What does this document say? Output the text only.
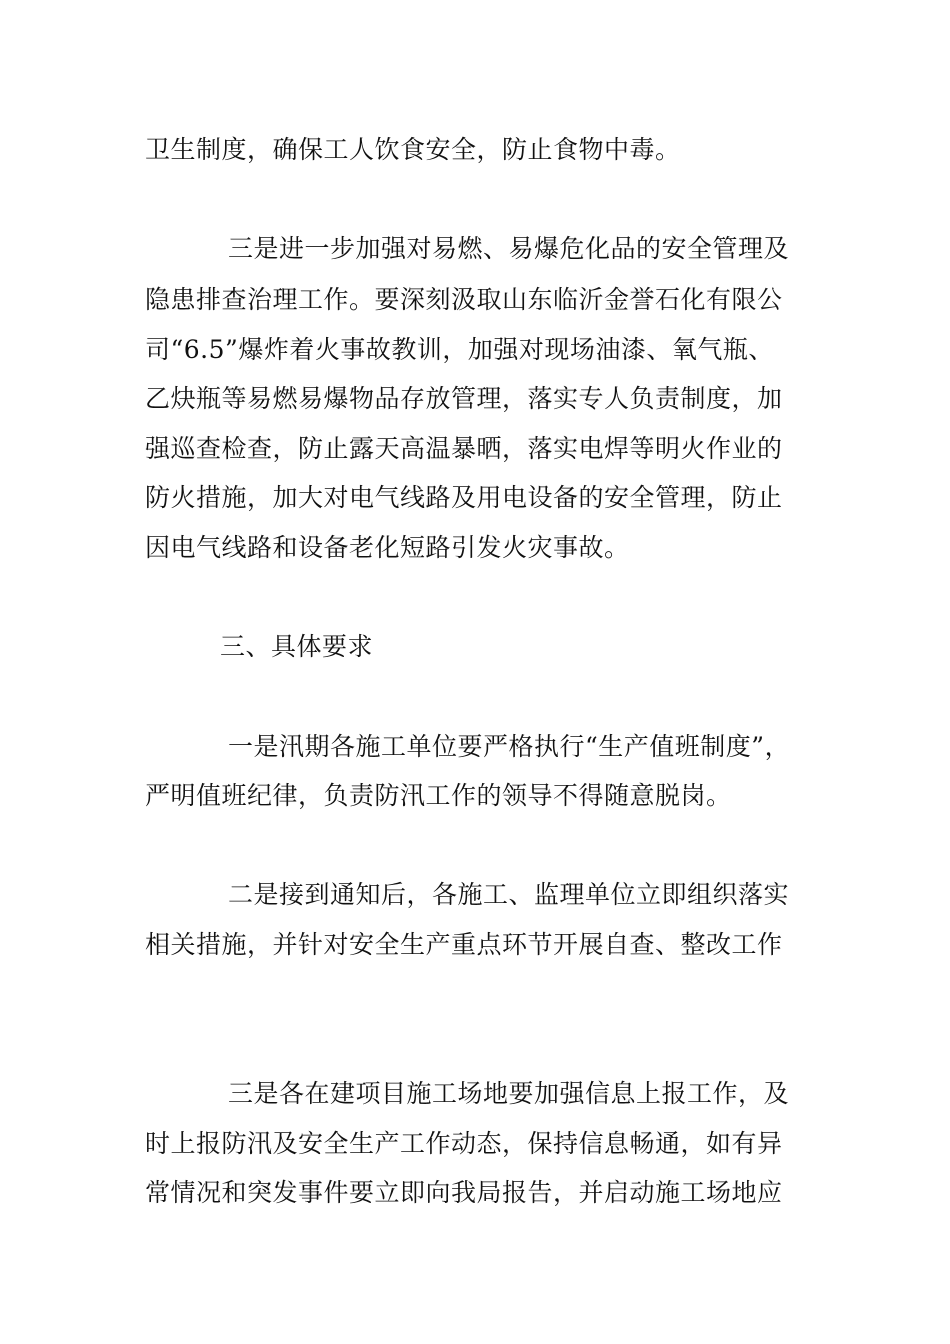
卫生制度，确保工人饮食安全，防止食物中毒。
三是进一步加强对易燃、易爆危化品的安全管理及
隐患排查治理工作。要深刻汲取山东临沂金誉石化有限公
司“6.5”爆炸着火事故教训，加强对现场油漆、氧气瓶、
乙炔瓶等易燃易爆物品存放管理，落实专人负责制度，加
强巡查检查，防止露天高温暴晒，落实电焊等明火作业的
防火措施，加大对电气线路及用电设备的安全管理，防止
因电气线路和设备老化短路引发火灾事故。
三、具体要求
一是汛期各施工单位要严格执行“生产值班制度”，
严明值班纪律，负责防汛工作的领导不得随意脱岗。
二是接到通知后，各施工、监理单位立即组织落实
相关措施，并针对安全生产重点环节开展自查、整改工作
三是各在建项目施工场地要加强信息上报工作，及
时上报防汛及安全生产工作动态，保持信息畅通，如有异
常情况和突发事件要立即向我局报告，并启动施工场地应
